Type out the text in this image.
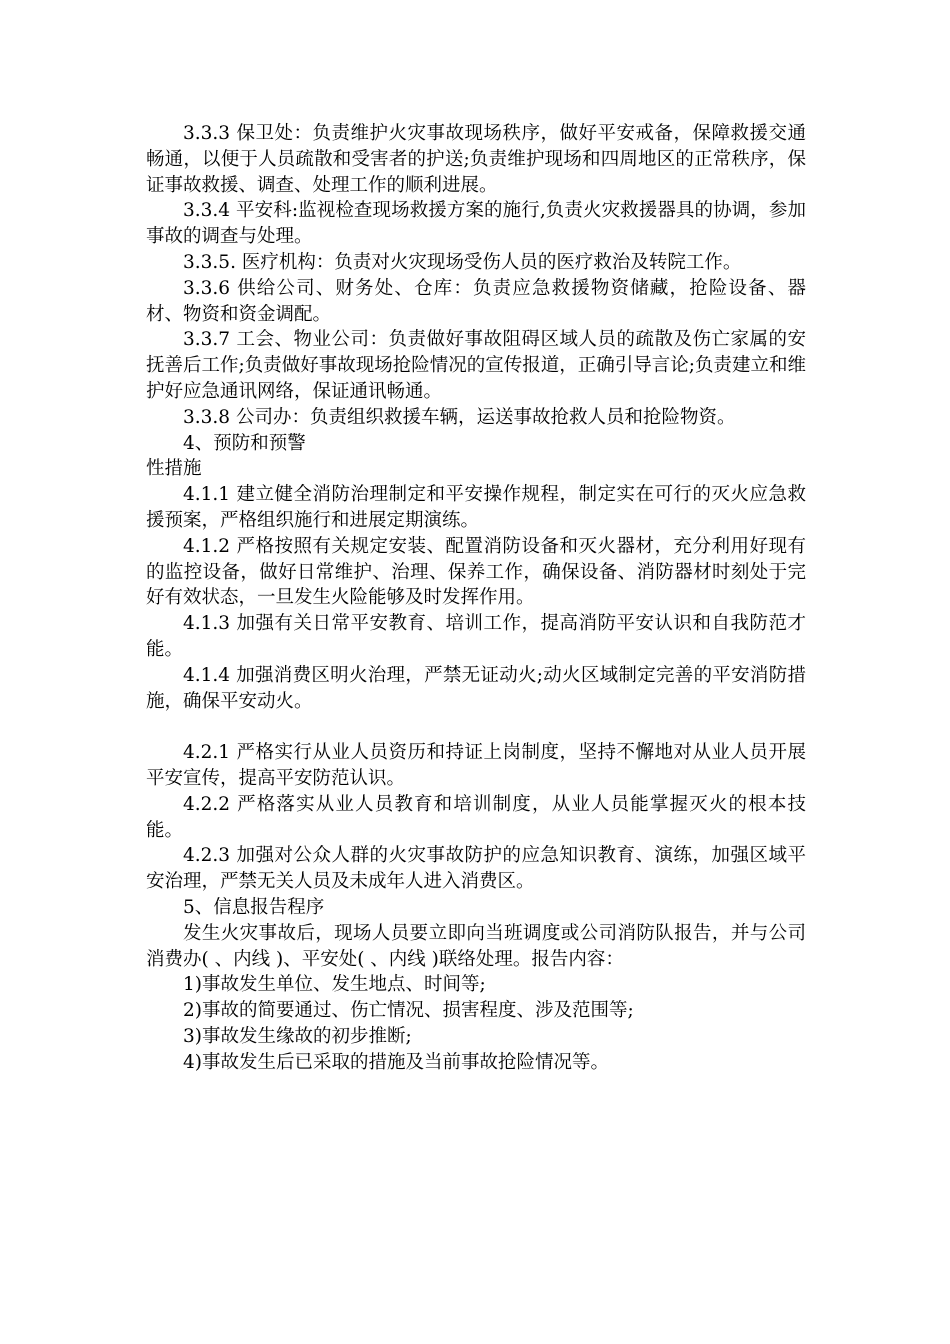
3.3.3 保卫处：负责维护火灾事故现场秩序，做好平安戒备，保障救援交通畅通，以便于人员疏散和受害者的护送;负责维护现场和四周地区的正常秩序，保证事故救援、调查、处理工作的顺利进展。

3.3.4 平安科:监视检查现场救援方案的施行,负责火灾救援器具的协调，参加事故的调查与处理。

3.3.5. 医疗机构：负责对火灾现场受伤人员的医疗救治及转院工作。

3.3.6 供给公司、财务处、仓库：负责应急救援物资储藏，抢险设备、器材、物资和资金调配。

3.3.7 工会、物业公司：负责做好事故阻碍区域人员的疏散及伤亡家属的安抚善后工作;负责做好事故现场抢险情况的宣传报道，正确引导言论;负责建立和维护好应急通讯网络，保证通讯畅通。

3.3.8 公司办：负责组织救援车辆，运送事故抢救人员和抢险物资。

4、预防和预警

性措施

4.1.1 建立健全消防治理制定和平安操作规程，制定实在可行的灭火应急救援预案，严格组织施行和进展定期演练。

4.1.2 严格按照有关规定安装、配置消防设备和灭火器材，充分利用好现有的监控设备，做好日常维护、治理、保养工作，确保设备、消防器材时刻处于完好有效状态，一旦发生火险能够及时发挥作用。

4.1.3 加强有关日常平安教育、培训工作，提高消防平安认识和自我防范才能。

4.1.4 加强消费区明火治理，严禁无证动火;动火区域制定完善的平安消防措施，确保平安动火。

4.2.1 严格实行从业人员资历和持证上岗制度，坚持不懈地对从业人员开展平安宣传，提高平安防范认识。

4.2.2 严格落实从业人员教育和培训制度，从业人员能掌握灭火的根本技能。

4.2.3 加强对公众人群的火灾事故防护的应急知识教育、演练，加强区域平安治理，严禁无关人员及未成年人进入消费区。

5、信息报告程序

发生火灾事故后，现场人员要立即向当班调度或公司消防队报告，并与公司消费办( 、内线 )、平安处( 、内线 )联络处理。报告内容：

1)事故发生单位、发生地点、时间等;

2)事故的简要通过、伤亡情况、损害程度、涉及范围等;

3)事故发生缘故的初步推断;

4)事故发生后已采取的措施及当前事故抢险情况等。
